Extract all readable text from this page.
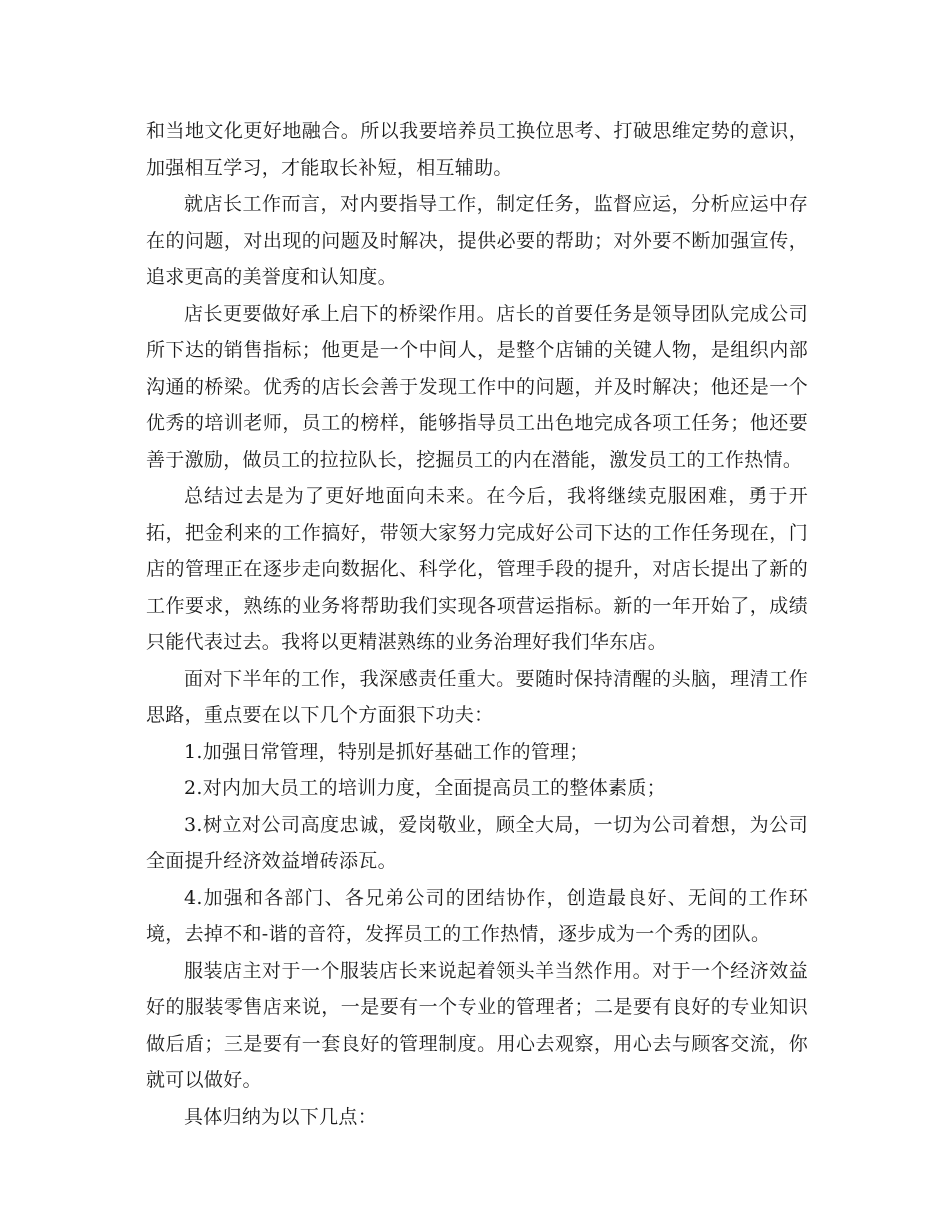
和当地文化更好地融合。所以我要培养员工换位思考、打破思维定势的意识，加强相互学习，才能取长补短，相互辅助。

就店长工作而言，对内要指导工作，制定任务，监督应运，分析应运中存在的问题，对出现的问题及时解决，提供必要的帮助；对外要不断加强宣传，追求更高的美誉度和认知度。

店长更要做好承上启下的桥梁作用。店长的首要任务是领导团队完成公司所下达的销售指标；他更是一个中间人，是整个店铺的关键人物，是组织内部沟通的桥梁。优秀的店长会善于发现工作中的问题，并及时解决；他还是一个优秀的培训老师，员工的榜样，能够指导员工出色地完成各项工任务；他还要善于激励，做员工的拉拉队长，挖掘员工的内在潜能，激发员工的工作热情。

总结过去是为了更好地面向未来。在今后，我将继续克服困难，勇于开拓，把金利来的工作搞好，带领大家努力完成好公司下达的工作任务现在，门店的管理正在逐步走向数据化、科学化，管理手段的提升，对店长提出了新的工作要求，熟练的业务将帮助我们实现各项营运指标。新的一年开始了，成绩只能代表过去。我将以更精湛熟练的业务治理好我们华东店。

面对下半年的工作，我深感责任重大。要随时保持清醒的头脑，理清工作思路，重点要在以下几个方面狠下功夫：

1.加强日常管理，特别是抓好基础工作的管理；

2.对内加大员工的培训力度，全面提高员工的整体素质；

3.树立对公司高度忠诚，爱岗敬业，顾全大局，一切为公司着想，为公司全面提升经济效益增砖添瓦。

4.加强和各部门、各兄弟公司的团结协作，创造最良好、无间的工作环境，去掉不和-谐的音符，发挥员工的工作热情，逐步成为一个秀的团队。

服装店主对于一个服装店长来说起着领头羊当然作用。对于一个经济效益好的服装零售店来说，一是要有一个专业的管理者；二是要有良好的专业知识做后盾；三是要有一套良好的管理制度。用心去观察，用心去与顾客交流，你就可以做好。

具体归纳为以下几点：
